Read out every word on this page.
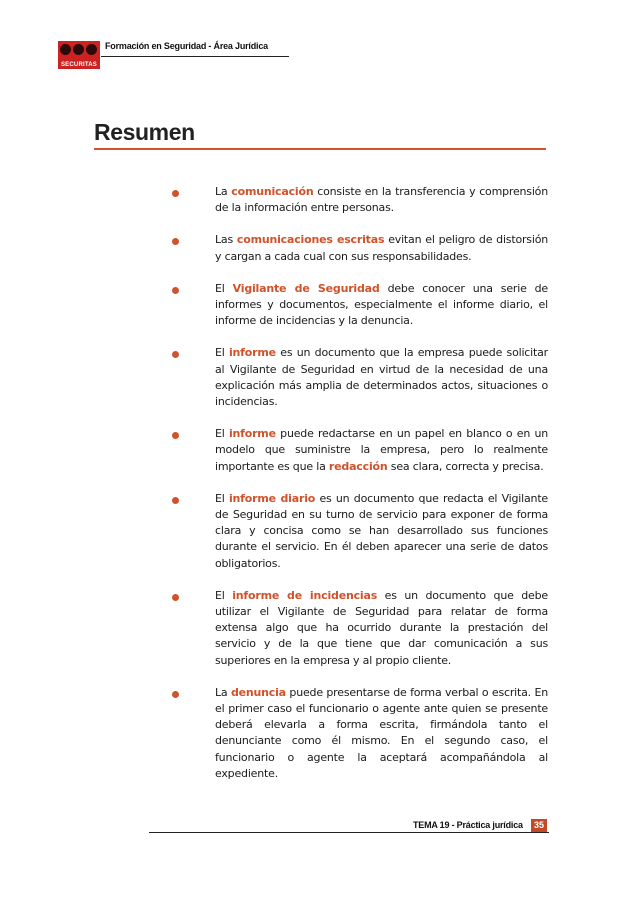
SECURITAS
Formación en Seguridad - Área Jurídica
Resumen
La comunicación consiste en la transferencia y comprensión de la información entre personas.
Las comunicaciones escritas evitan el peligro de distorsión y cargan a cada cual con sus responsabilidades.
El Vigilante de Seguridad debe conocer una serie de informes y documentos, especialmente el informe diario, el informe de incidencias y la denuncia.
El informe es un documento que la empresa puede solicitar al Vigilante de Seguridad en virtud de la necesidad de una explicación más amplia de determinados actos, situaciones o incidencias.
El informe puede redactarse en un papel en blanco o en un modelo que suministre la empresa, pero lo realmente importante es que la redacción sea clara, correcta y precisa.
El informe diario es un documento que redacta el Vigilante de Seguridad en su turno de servicio para exponer de forma clara y concisa como se han desarrollado sus funciones durante el servicio. En él deben aparecer una serie de datos obligatorios.
El informe de incidencias es un documento que debe utilizar el Vigilante de Seguridad para relatar de forma extensa algo que ha ocurrido durante la prestación del servicio y de la que tiene que dar comunicación a sus superiores en la empresa y al propio cliente.
La denuncia puede presentarse de forma verbal o escrita. En el primer caso el funcionario o agente ante quien se presente deberá elevarla a forma escrita, firmándola tanto el denunciante como él mismo. En el segundo caso, el funcionario o agente la aceptará acompañándola al expediente.
TEMA 19 - Práctica jurídica	35
